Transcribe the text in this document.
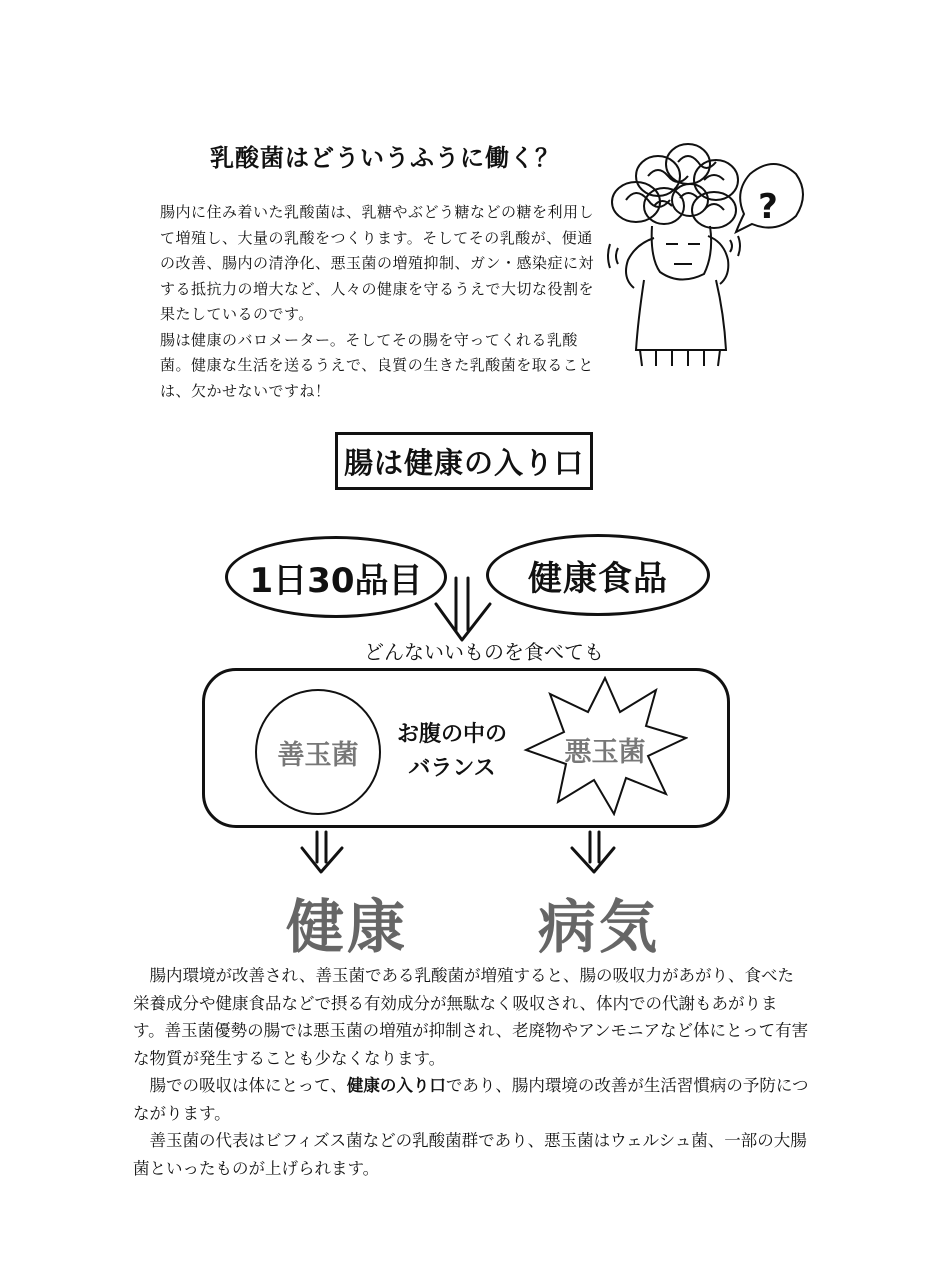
乳酸菌はどういうふうに働く？

腸内に住み着いた乳酸菌は、乳糖やぶどう糖などの糖を利用して増殖し、大量の乳酸をつくります。そしてその乳酸が、便通の改善、腸内の清浄化、悪玉菌の増殖抑制、ガン・感染症に対する抵抗力の増大など、人々の健康を守るうえで大切な役割を果たしているのです。

腸は健康のバロメーター。そしてその腸を守ってくれる乳酸菌。健康な生活を送るうえで、良質の生きた乳酸菌を取ることは、欠かせないですね！

?
腸は健康の入り口
1日30品目	健康食品
どんないいものを食べても
善玉菌
お腹の中の
バランス
悪玉菌
健康 病気

腸内環境が改善され、善玉菌である乳酸菌が増殖すると、腸の吸収力があがり、食べた栄養成分や健康食品などで摂る有効成分が無駄なく吸収され、体内での代謝もあがります。善玉菌優勢の腸では悪玉菌の増殖が抑制され、老廃物やアンモニアなど体にとって有害な物質が発生することも少なくなります。

腸での吸収は体にとって、健康の入り口であり、腸内環境の改善が生活習慣病の予防につながります。

善玉菌の代表はビフィズス菌などの乳酸菌群であり、悪玉菌はウェルシュ菌、一部の大腸菌といったものが上げられます。
